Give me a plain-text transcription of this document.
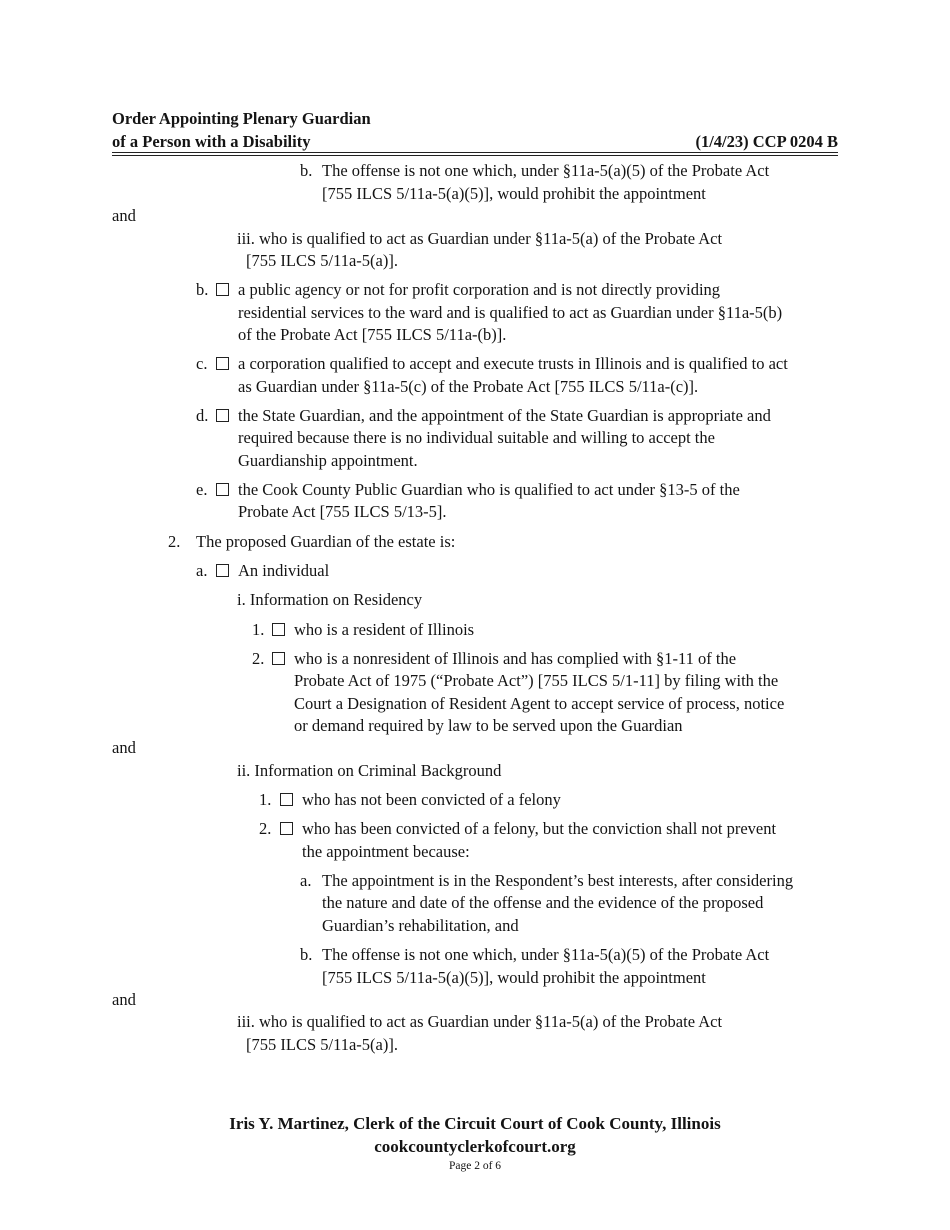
Order Appointing Plenary Guardian
of a Person with a Disability	(1/4/23) CCP 0204 B
b. The offense is not one which, under §11a-5(a)(5) of the Probate Act
[755 ILCS 5/11a-5(a)(5)], would prohibit the appointment
and
iii. who is qualified to act as Guardian under §11a-5(a) of the Probate Act
[755 ILCS 5/11a-5(a)].
b. a public agency or not for profit corporation and is not directly providing
residential services to the ward and is qualified to act as Guardian under §11a-5(b)
of the Probate Act [755 ILCS 5/11a-(b)].
c. a corporation qualified to accept and execute trusts in Illinois and is qualified to act
as Guardian under §11a-5(c) of the Probate Act [755 ILCS 5/11a-(c)].
d. the State Guardian, and the appointment of the State Guardian is appropriate and
required because there is no individual suitable and willing to accept the
Guardianship appointment.
e. the Cook County Public Guardian who is qualified to act under §13-5 of the
Probate Act [755 ILCS 5/13-5].
2. The proposed Guardian of the estate is:
a. An individual
i. Information on Residency
1. who is a resident of Illinois
2. who is a nonresident of Illinois and has complied with §1-11 of the
Probate Act of 1975 (“Probate Act”) [755 ILCS 5/1-11] by filing with the
Court a Designation of Resident Agent to accept service of process, notice
or demand required by law to be served upon the Guardian
and
ii. Information on Criminal Background
1. who has not been convicted of a felony
2. who has been convicted of a felony, but the conviction shall not prevent
the appointment because:
a. The appointment is in the Respondent’s best interests, after considering
the nature and date of the offense and the evidence of the proposed
Guardian’s rehabilitation, and
b. The offense is not one which, under §11a-5(a)(5) of the Probate Act
[755 ILCS 5/11a-5(a)(5)], would prohibit the appointment
and
iii. who is qualified to act as Guardian under §11a-5(a) of the Probate Act
[755 ILCS 5/11a-5(a)].
Iris Y. Martinez, Clerk of the Circuit Court of Cook County, Illinois
cookcountyclerkofcourt.org
Page 2 of 6
